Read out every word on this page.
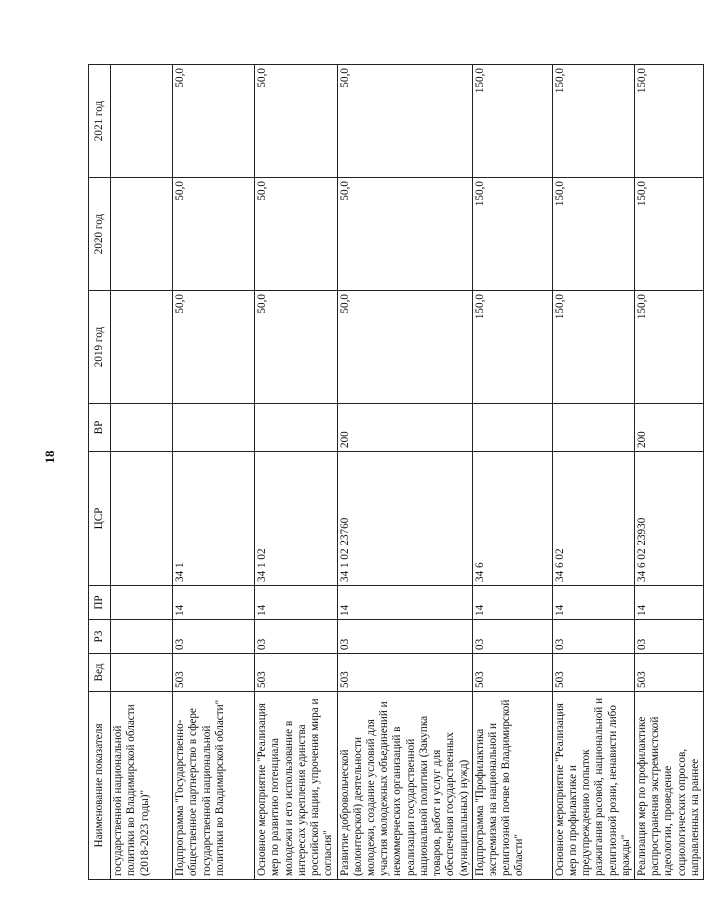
18
Наименование показателя	Вед	РЗ	ПР	ЦСР	ВР	2019 год	2020 год	2021 год
государственной национальной политики во Владимирской области (2018-2023 годы)"								
Подпрограмма "Государственно-общественное партнерство в сфере государственной национальной политики во Владимирской области"	503	03	14	34 1		50,0	50,0	50,0
Основное мероприятие "Реализация мер по развитию потенциала молодежи и его использование в интересах укрепления единства российской нации, упрочения мира и согласия"	503	03	14	34 1 02		50,0	50,0	50,0
Развитие добровольческой (волонтерской) деятельности молодежи, создание условий для участия молодежных объединений и некоммерческих организаций в реализации государственной национальной политики (Закупка товаров, работ и услуг для обеспечения государственных (муниципальных) нужд)	503	03	14	34 1 02 23760	200	50,0	50,0	50,0
Подпрограмма "Профилактика экстремизма на национальной и религиозной почве во Владимирской области"	503	03	14	34 6		150,0	150,0	150,0
Основное мероприятие "Реализация мер по профилактике и предупреждению попыток разжигания расовой, национальной и религиозной розни, ненависти либо вражды"	503	03	14	34 6 02		150,0	150,0	150,0
Реализация мер по профилактике распространения экстремистской идеологии, проведение социологических опросов, направленных на раннее	503	03	14	34 6 02 23930	200	150,0	150,0	150,0
